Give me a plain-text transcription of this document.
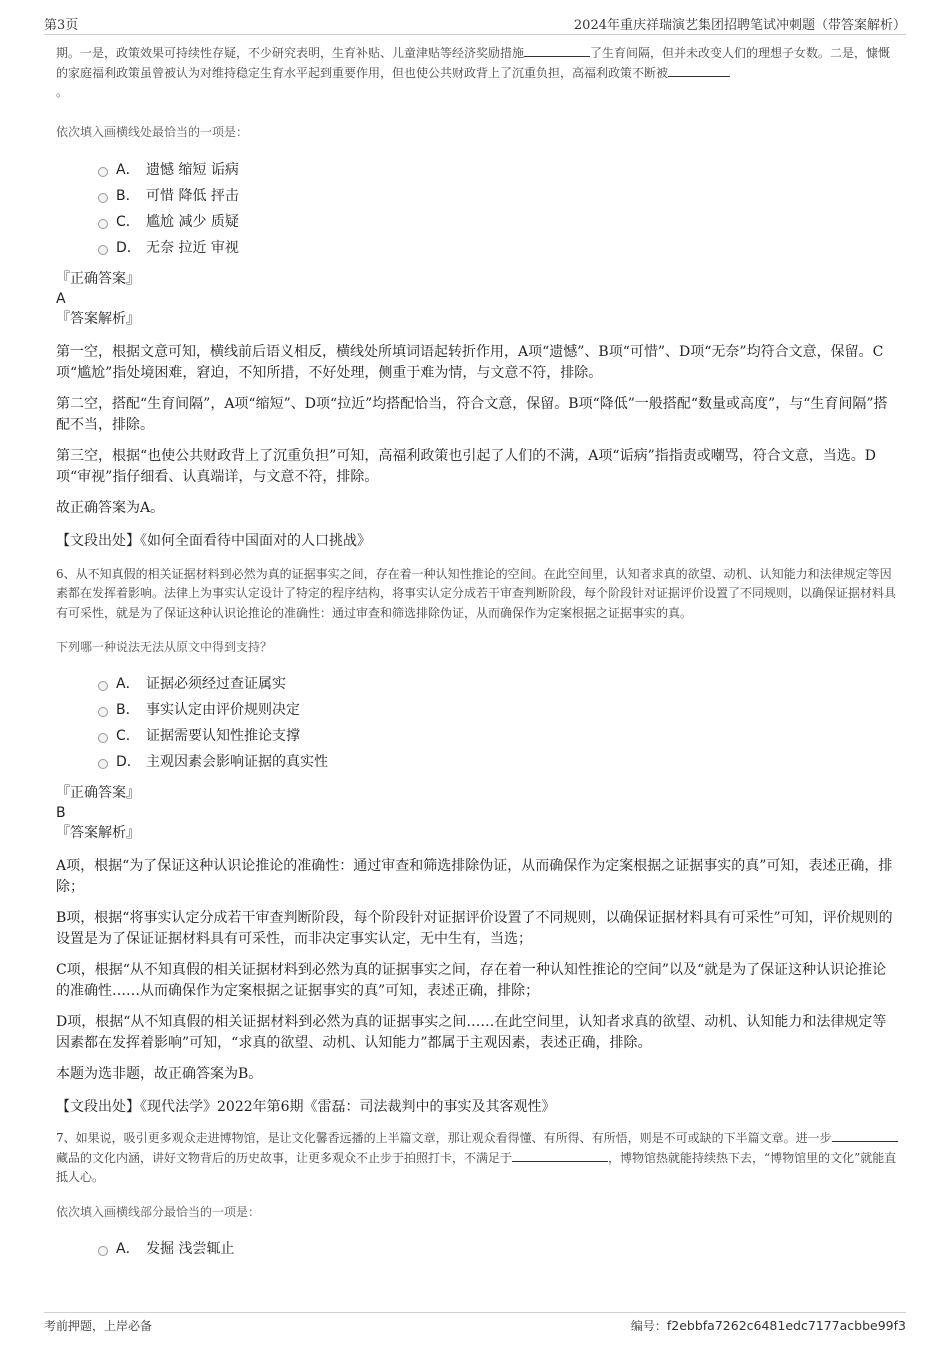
第3页	2024年重庆祥瑞演艺集团招聘笔试冲刺题（带答案解析）

期。一是，政策效果可持续性存疑，不少研究表明，生育补贴、儿童津贴等经济奖励措施	了生育间隔，但并未改变人们的理想子女数。二是，慷慨的家庭福利政策虽曾被认为对维持稳定生育水平起到重要作用，但也使公共财政背上了沉重负担，高福利政策不断被
。

依次填入画横线处最恰当的一项是：

A． 遗憾 缩短 诟病
B． 可惜 降低 抨击
C． 尴尬 减少 质疑
D． 无奈 拉近 审视

『正确答案』

A

『答案解析』

第一空，根据文意可知，横线前后语义相反，横线处所填词语起转折作用，A项“遗憾”、B项“可惜”、D项“无奈”均符合文意，保留。C项“尴尬”指处境困难，窘迫，不知所措，不好处理，侧重于难为情，与文意不符，排除。

第二空，搭配“生育间隔”，A项“缩短”、D项“拉近”均搭配恰当，符合文意，保留。B项“降低”一般搭配“数量或高度”，与“生育间隔”搭配不当，排除。

第三空，根据“也使公共财政背上了沉重负担”可知，高福利政策也引起了人们的不满，A项“诟病”指指责或嘲骂，符合文意，当选。D项“审视”指仔细看、认真端详，与文意不符，排除。

故正确答案为A。

【文段出处】《如何全面看待中国面对的人口挑战》

6、从不知真假的相关证据材料到必然为真的证据事实之间，存在着一种认知性推论的空间。在此空间里，认知者求真的欲望、动机、认知能力和法律规定等因素都在发挥着影响。法律上为事实认定设计了特定的程序结构，将事实认定分成若干审查判断阶段，每个阶段针对证据评价设置了不同规则，以确保证据材料具有可采性，就是为了保证这种认识论推论的准确性：通过审查和筛选排除伪证，从而确保作为定案根据之证据事实的真。

下列哪一种说法无法从原文中得到支持？

A． 证据必须经过查证属实
B． 事实认定由评价规则决定
C． 证据需要认知性推论支撑
D． 主观因素会影响证据的真实性

『正确答案』

B

『答案解析』

A项，根据“为了保证这种认识论推论的准确性：通过审查和筛选排除伪证，从而确保作为定案根据之证据事实的真”可知，表述正确，排除；

B项，根据“将事实认定分成若干审查判断阶段，每个阶段针对证据评价设置了不同规则，以确保证据材料具有可采性”可知，评价规则的设置是为了保证证据材料具有可采性，而非决定事实认定，无中生有，当选；

C项，根据“从不知真假的相关证据材料到必然为真的证据事实之间，存在着一种认知性推论的空间”以及“就是为了保证这种认识论推论的准确性……从而确保作为定案根据之证据事实的真”可知，表述正确，排除；

D项，根据“从不知真假的相关证据材料到必然为真的证据事实之间……在此空间里，认知者求真的欲望、动机、认知能力和法律规定等因素都在发挥着影响”可知，“求真的欲望、动机、认知能力”都属于主观因素，表述正确，排除。

本题为选非题，故正确答案为B。

【文段出处】《现代法学》2022年第6期《雷磊：司法裁判中的事实及其客观性》

7、如果说，吸引更多观众走进博物馆，是让文化馨香远播的上半篇文章，那让观众看得懂、有所得、有所悟，则是不可或缺的下半篇文章。进一步藏品的文化内涵，讲好文物背后的历史故事，让更多观众不止步于拍照打卡，不满足于	，博物馆热就能持续热下去，“博物馆里的文化”就能直抵人心。

依次填入画横线部分最恰当的一项是：

A． 发掘 浅尝辄止
考前押题，上岸必备	编号：f2ebbfa7262c6481edc7177acbbe99f3
